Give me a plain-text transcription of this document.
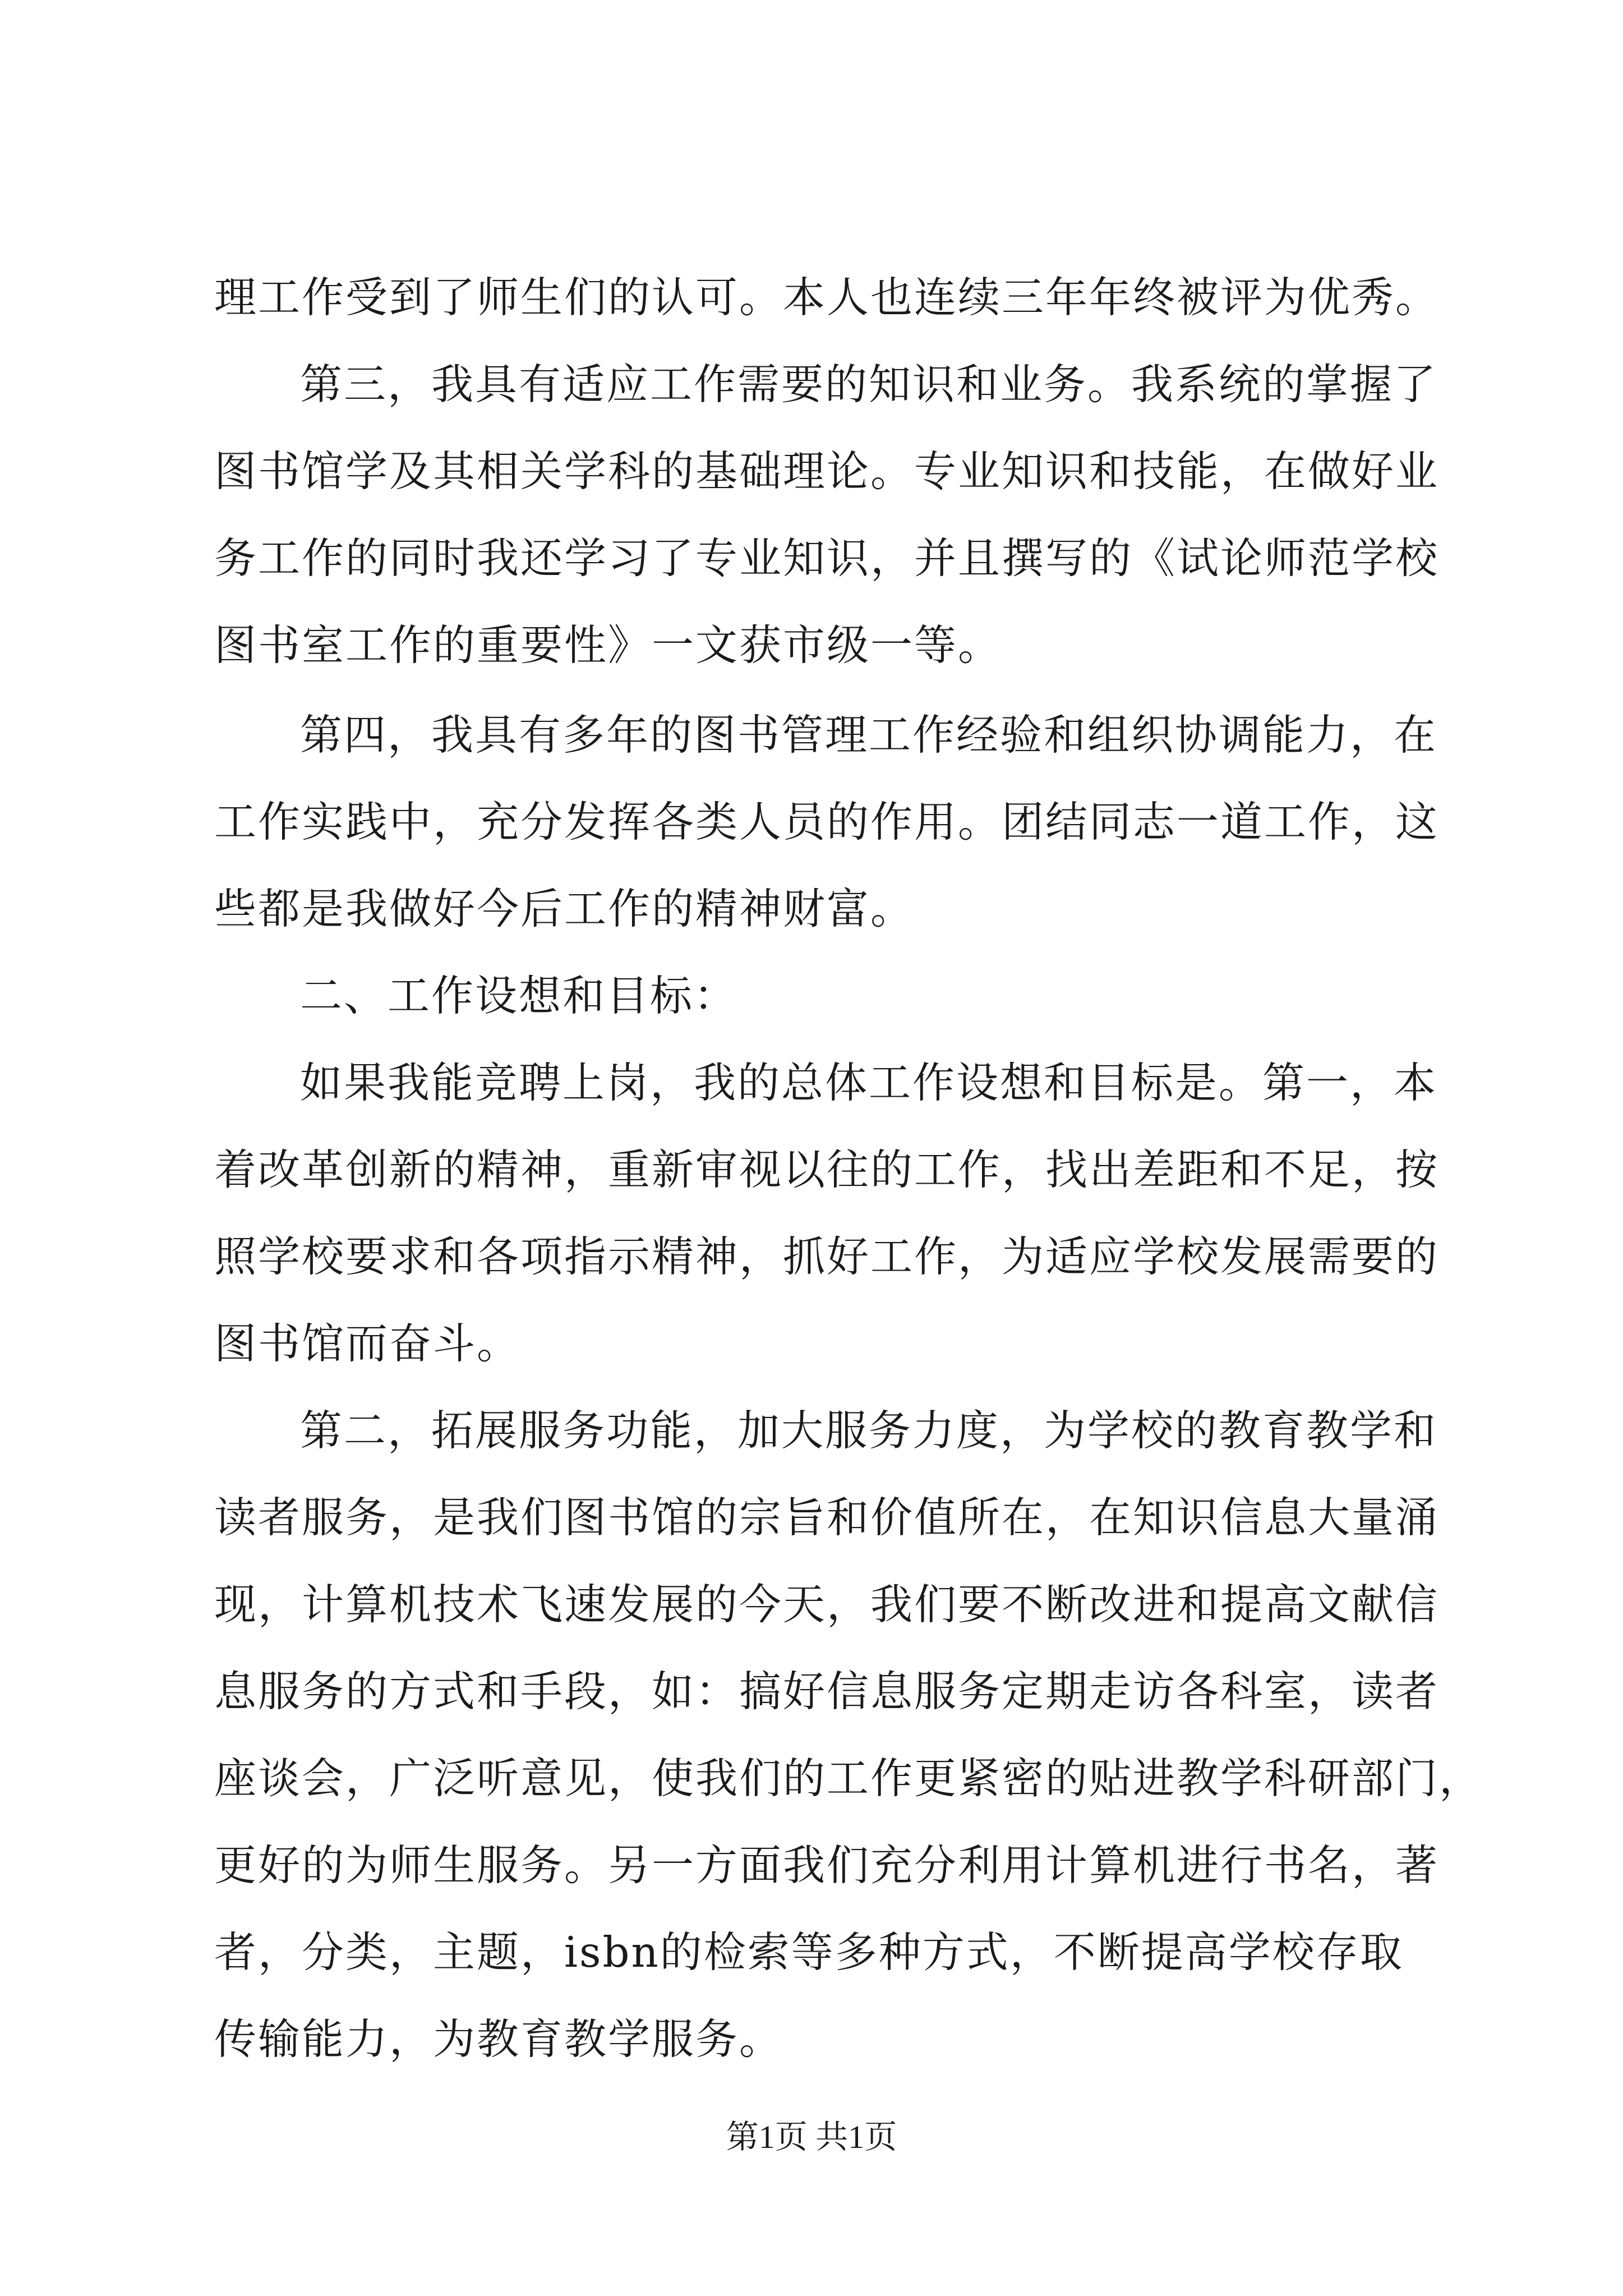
理工作受到了师生们的认可。本人也连续三年年终被评为优秀。
第三，我具有适应工作需要的知识和业务。我系统的掌握了
图书馆学及其相关学科的基础理论。专业知识和技能，在做好业
务工作的同时我还学习了专业知识，并且撰写的《试论师范学校
图书室工作的重要性》一文获市级一等。
第四，我具有多年的图书管理工作经验和组织协调能力，在
工作实践中，充分发挥各类人员的作用。团结同志一道工作，这
些都是我做好今后工作的精神财富。
二、工作设想和目标：
如果我能竞聘上岗，我的总体工作设想和目标是。第一，本
着改革创新的精神，重新审视以往的工作，找出差距和不足，按
照学校要求和各项指示精神，抓好工作，为适应学校发展需要的
图书馆而奋斗。
第二，拓展服务功能，加大服务力度，为学校的教育教学和
读者服务，是我们图书馆的宗旨和价值所在，在知识信息大量涌
现，计算机技术飞速发展的今天，我们要不断改进和提高文献信
息服务的方式和手段，如：搞好信息服务定期走访各科室，读者
座谈会，广泛听意见，使我们的工作更紧密的贴进教学科研部门，
更好的为师生服务。另一方面我们充分利用计算机进行书名，著
者，分类，主题，isbn的检索等多种方式，不断提高学校存取
传输能力，为教育教学服务。
第1页 共1页
